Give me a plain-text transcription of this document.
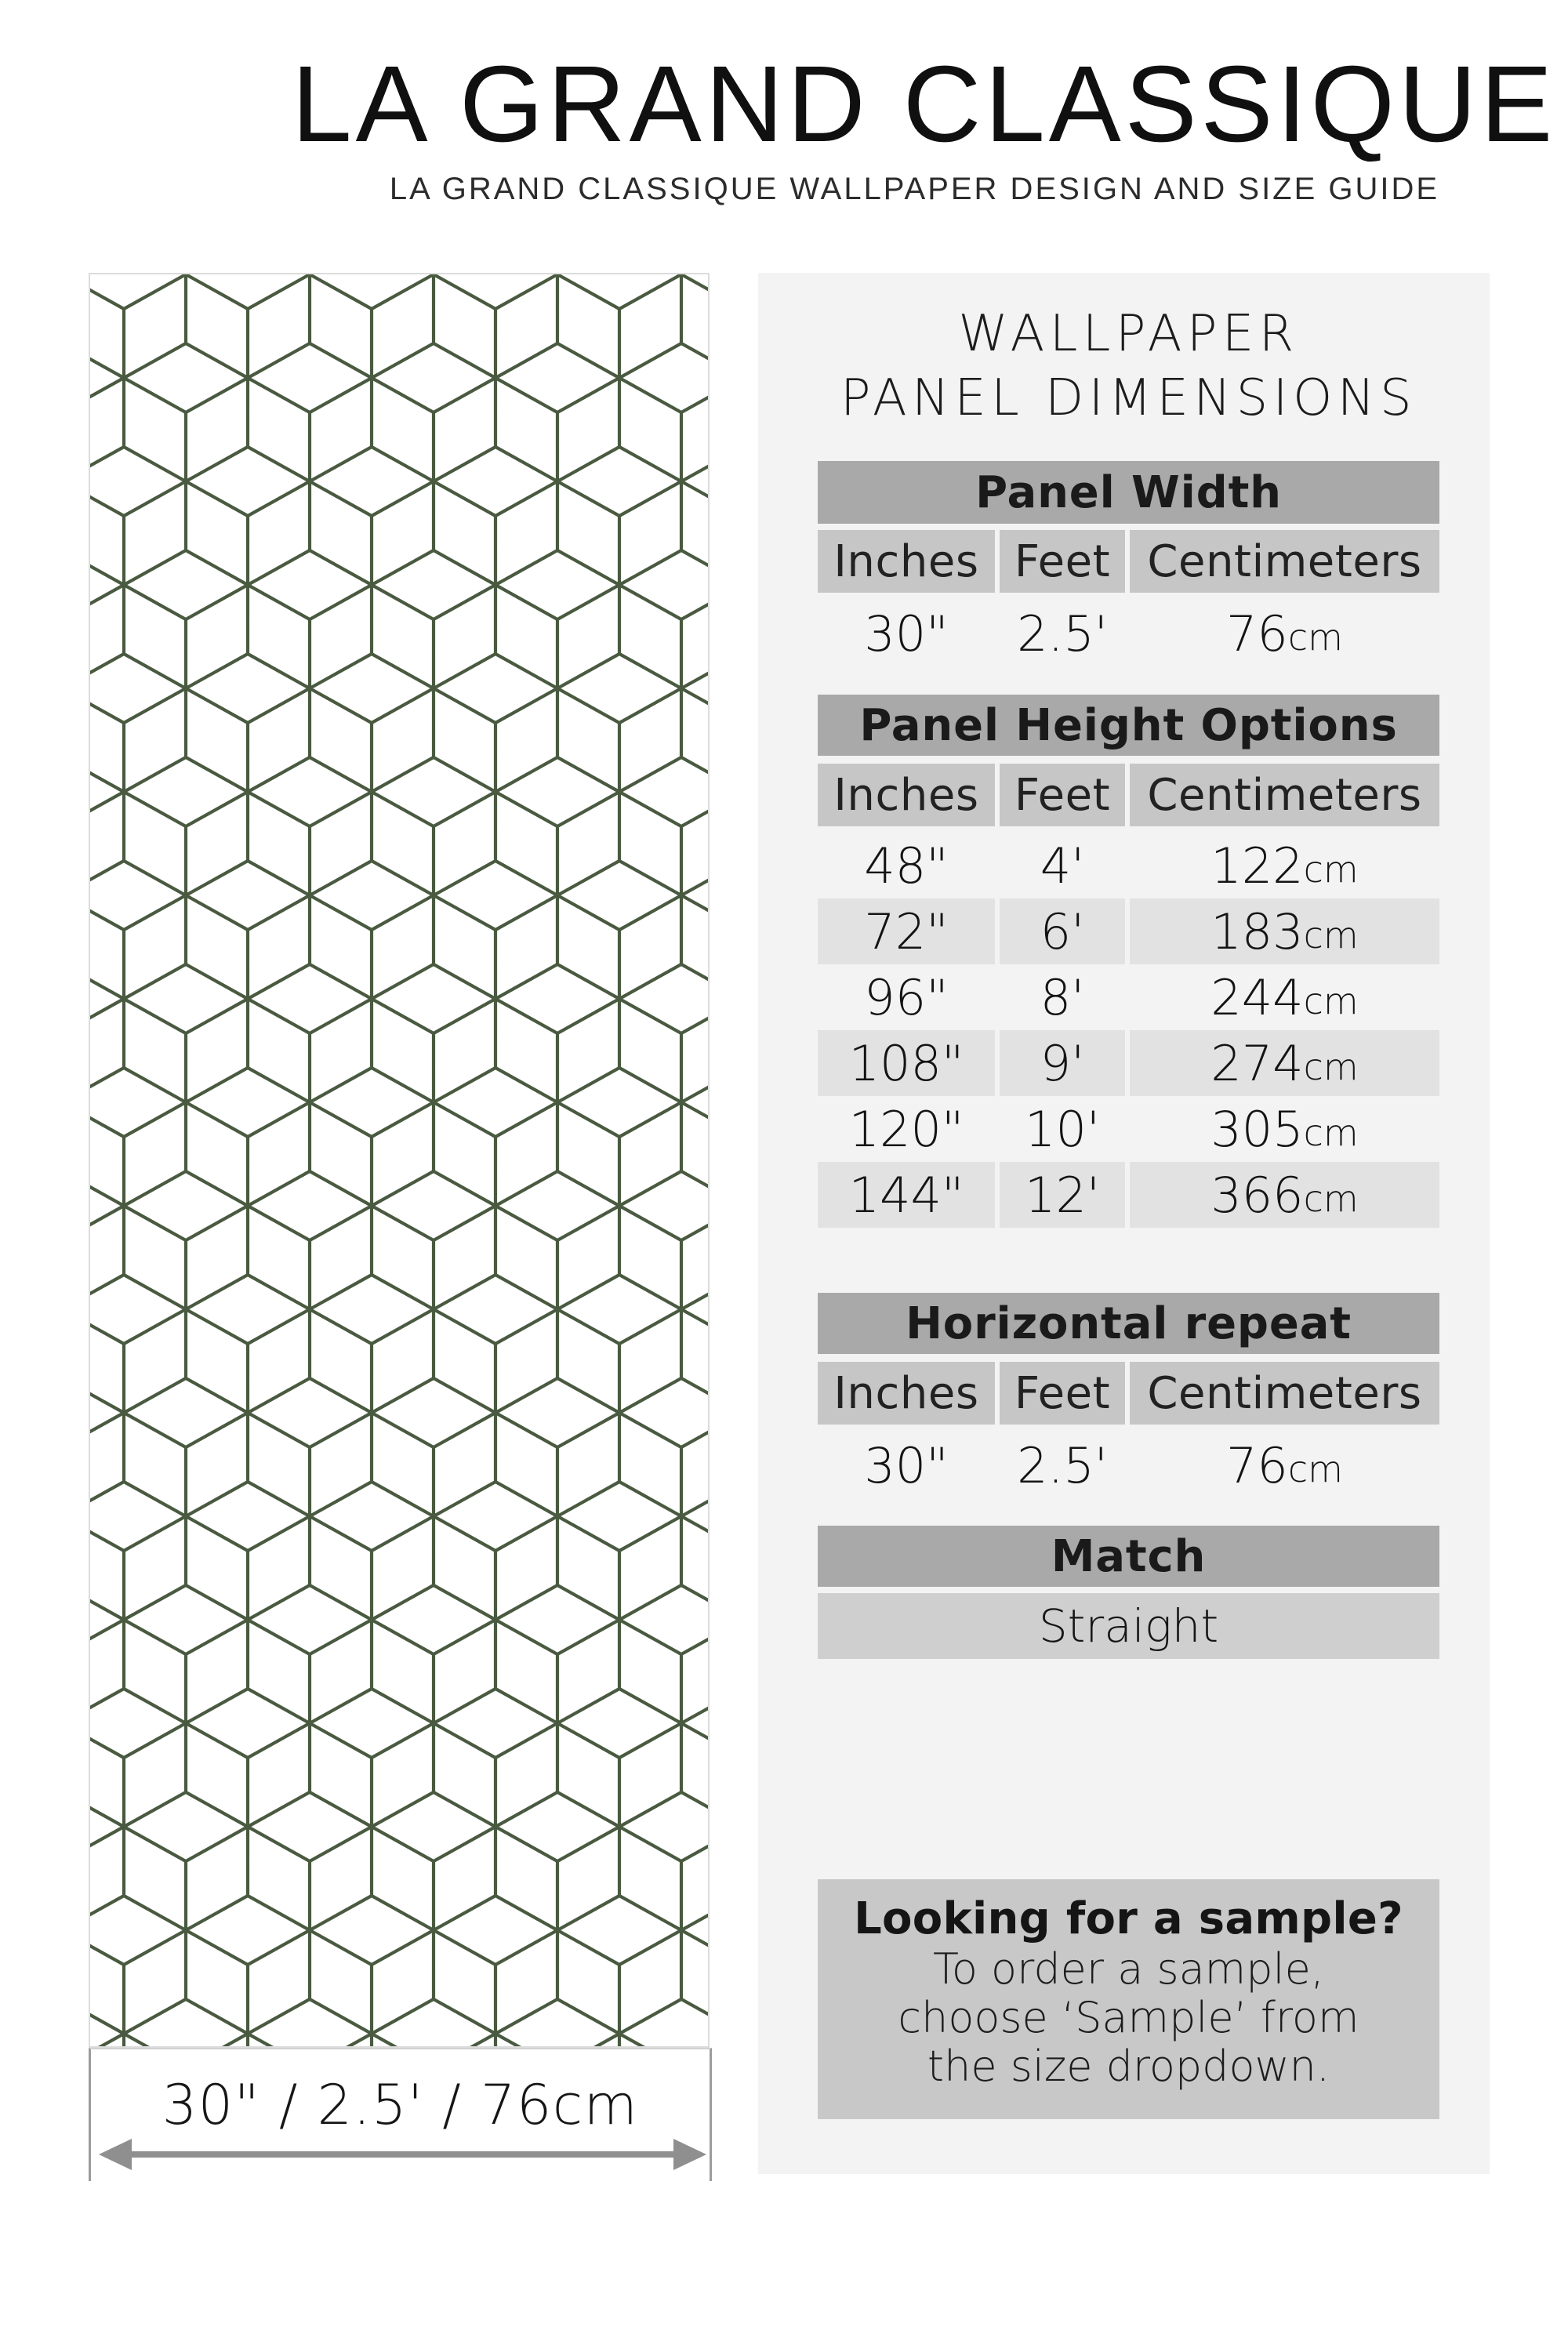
LA GRAND CLASSIQUE
LA GRAND CLASSIQUE WALLPAPER DESIGN AND SIZE GUIDE
30" / 2.5' / 76cm
WALLPAPER
PANEL DIMENSIONS
Panel Width
Inches Feet Centimeters
30"	2.5'	76 cm
Panel Height Options
Inches Feet Centimeters
48"	4'	122 cm
72"	6'	183 cm
96"	8'	244 cm
108"	9'	274 cm
120"	10'	305 cm
144"	12'	366 cm
Horizontal repeat
Inches Feet Centimeters
30"	2.5'	76 cm
Match
Straight
Looking for a sample?
To order a sample,
choose ‘Sample’ from
the size dropdown.
